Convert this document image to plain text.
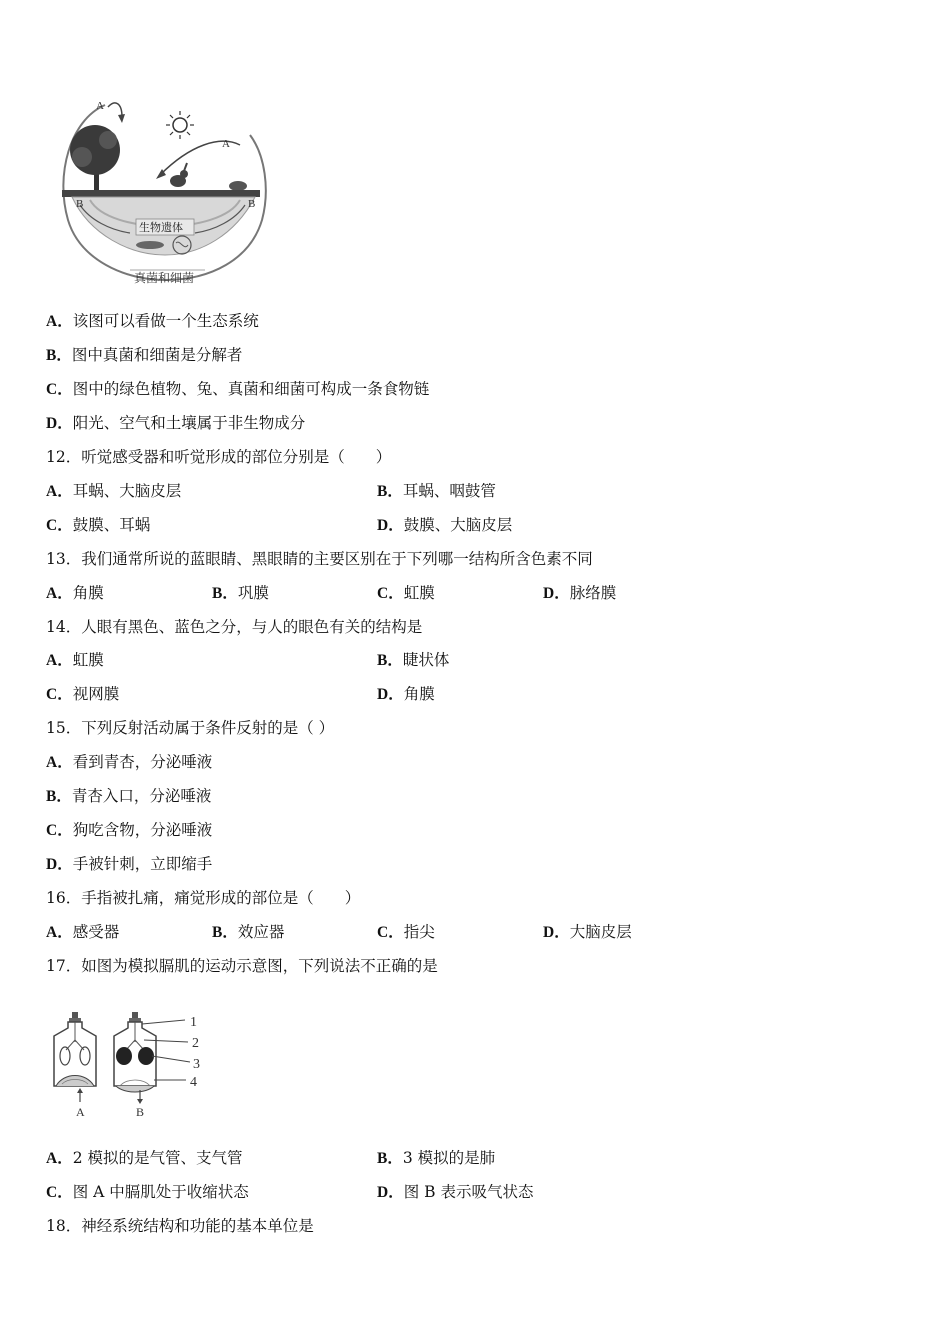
A
A
B	B
生物遗体
真菌和细菌
A．该图可以看做一个生态系统
B．图中真菌和细菌是分解者
C．图中的绿色植物、兔、真菌和细菌可构成一条食物链
D．阳光、空气和土壤属于非生物成分
12．听觉感受器和听觉形成的部位分别是（　　）
A．耳蜗、大脑皮层	B．耳蜗、咽鼓管
C．鼓膜、耳蜗	D．鼓膜、大脑皮层
13．我们通常所说的蓝眼睛、黑眼睛的主要区别在于下列哪一结构所含色素不同
A．角膜	B．巩膜	C．虹膜	D．脉络膜
14．人眼有黑色、蓝色之分，与人的眼色有关的结构是
A．虹膜	B．睫状体
C．视网膜	D．角膜
15．下列反射活动属于条件反射的是（ ）
A．看到青杏，分泌唾液
B．青杏入口，分泌唾液
C．狗吃含物，分泌唾液
D．手被针刺，立即缩手
16．手指被扎痛，痛觉形成的部位是（　　）
A．感受器	B．效应器	C．指尖	D．大脑皮层
17．如图为模拟膈肌的运动示意图，下列说法不正确的是
A	B
1
2
3
4
A．2 模拟的是气管、支气管	B．3 模拟的是肺
C．图 A 中膈肌处于收缩状态	D．图 B 表示吸气状态
18．神经系统结构和功能的基本单位是
